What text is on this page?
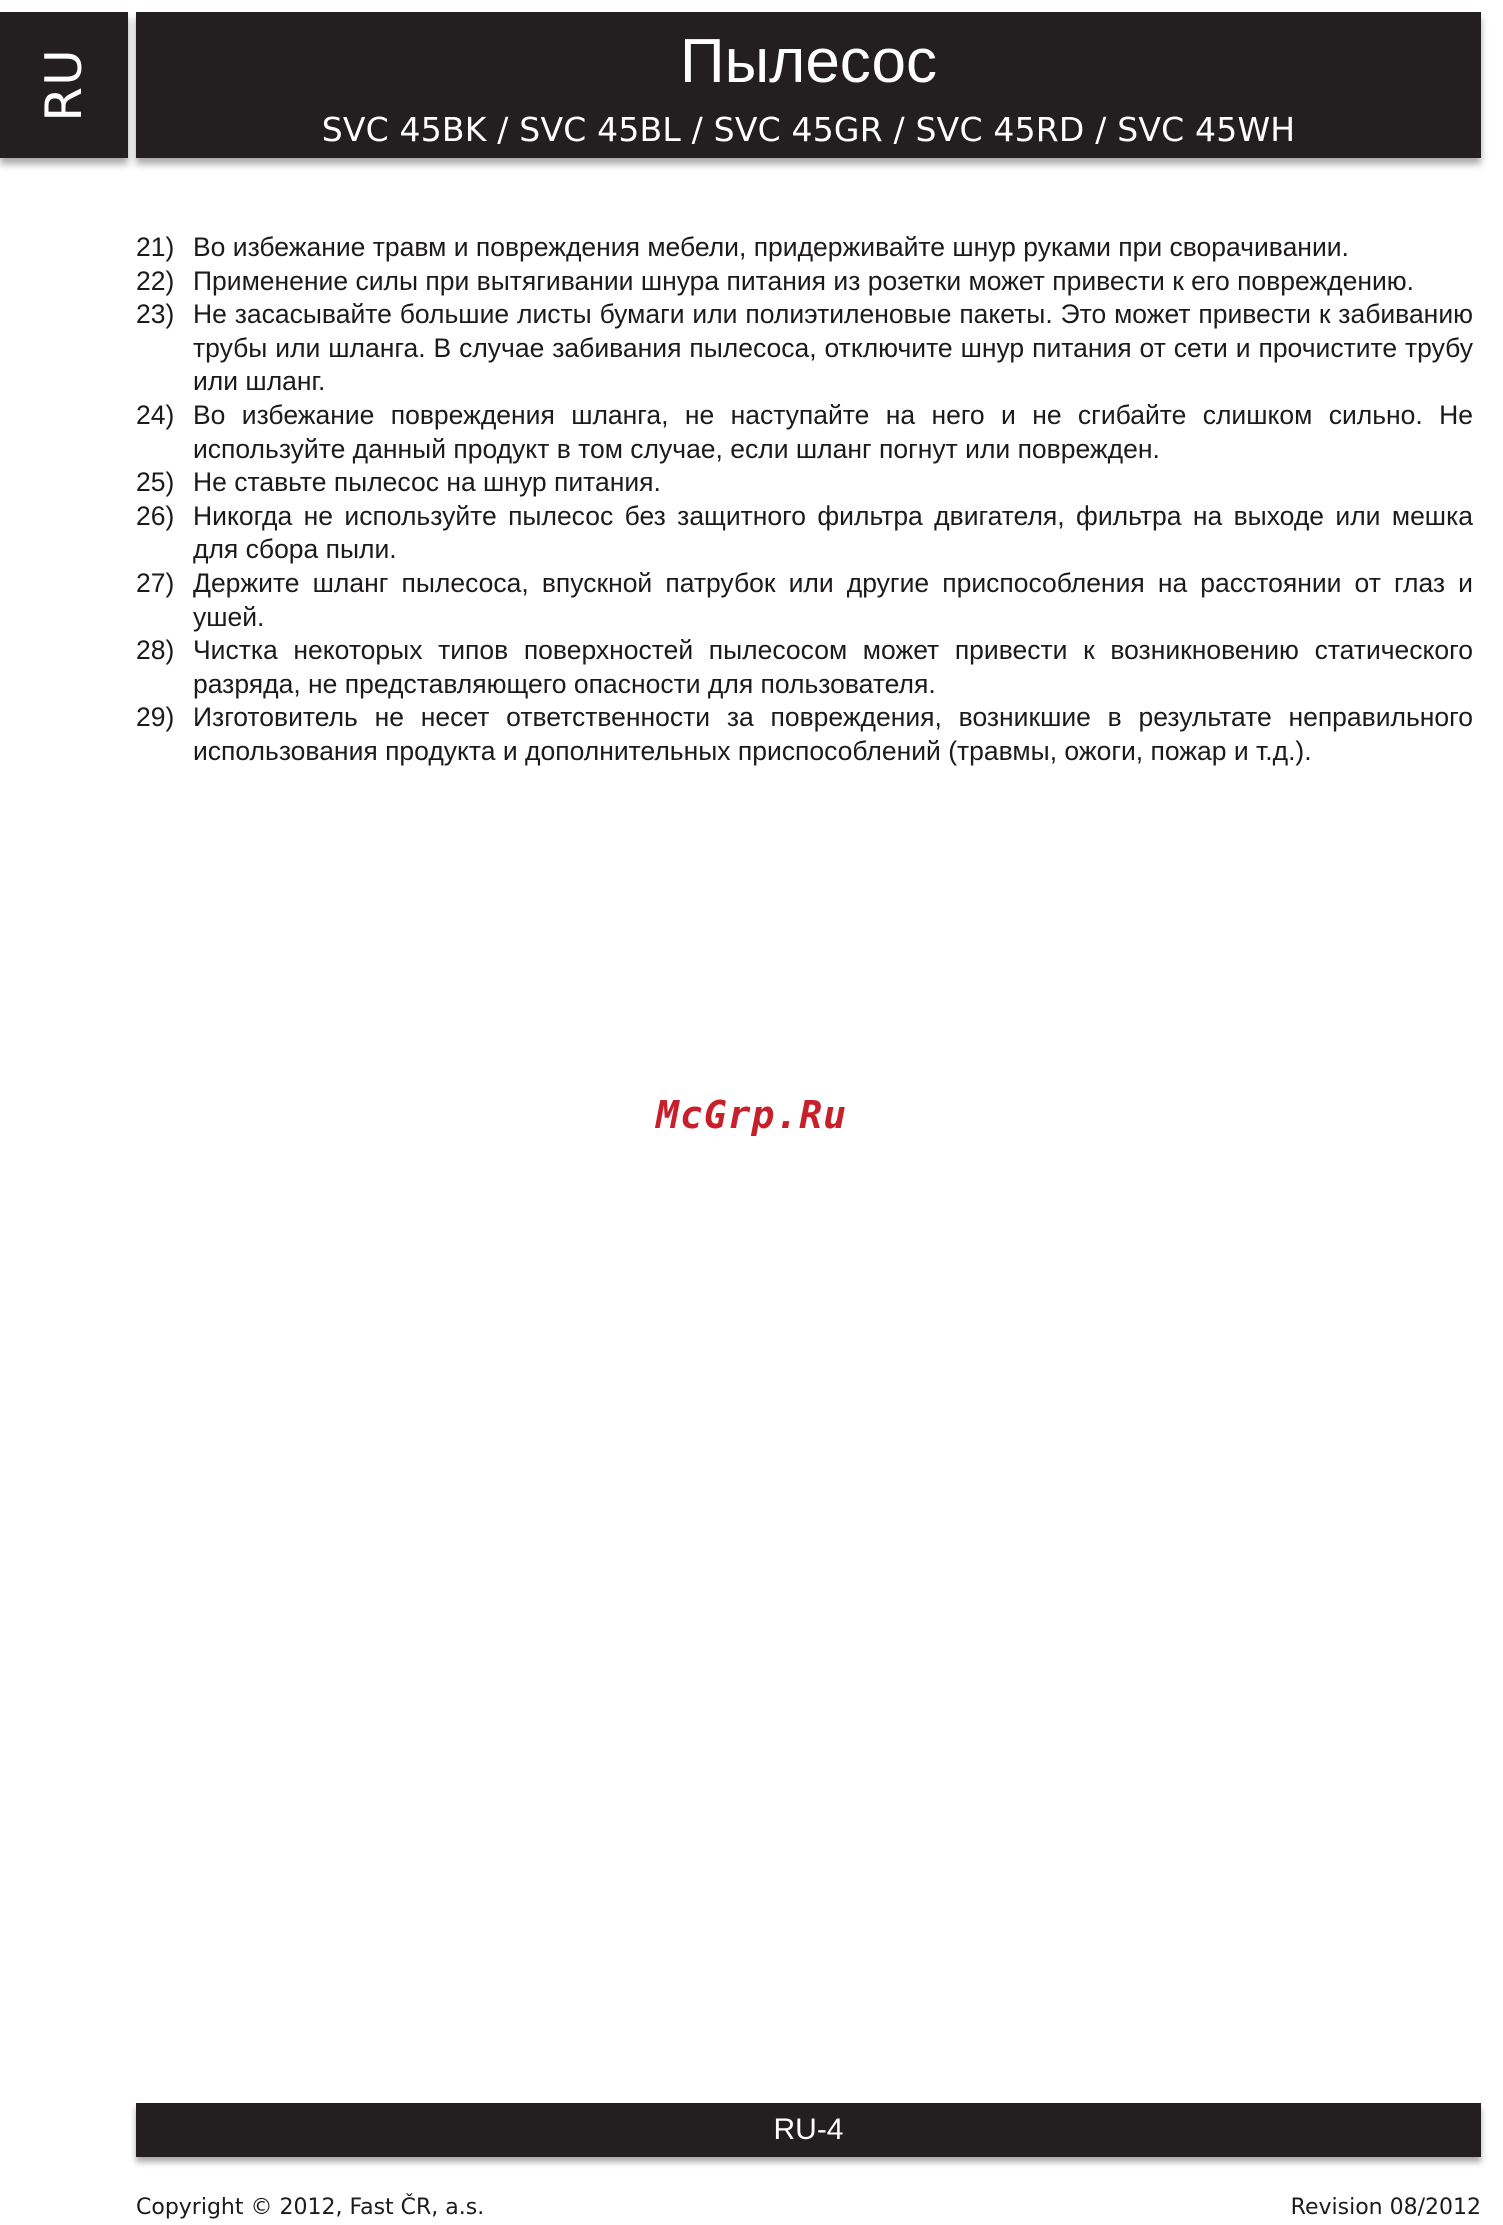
RU	Пылесос
SVC 45BK / SVC 45BL / SVC 45GR / SVC 45RD / SVC 45WH
21) Во избежание травм и повреждения мебели, придерживайте шнур руками при сворачивании.
22) Применение силы при вытягивании шнура питания из розетки может привести к его повреждению.
23) Не засасывайте большие листы бумаги или полиэтиленовые пакеты. Это может привести к забиванию трубы или шланга. В случае забивания пылесоса, отключите шнур питания от сети и прочистите трубу или шланг.
24) Во избежание повреждения шланга, не наступайте на него и не сгибайте слишком сильно. Не используйте данный продукт в том случае, если шланг погнут или поврежден.
25) Не ставьте пылесос на шнур питания.
26) Никогда не используйте пылесос без защитного фильтра двигателя, фильтра на выходе или мешка для сбора пыли.
27) Держите шланг пылесоса, впускной патрубок или другие приспособления на расстоянии от глаз и ушей.
28) Чистка некоторых типов поверхностей пылесосом может привести к возникновению статического разряда, не представляющего опасности для пользователя.
29) Изготовитель не несет ответственности за повреждения, возникшие в результате неправильного использования продукта и дополнительных приспособлений (травмы, ожоги, пожар и т.д.).
McGrp.Ru
RU-4
Copyright © 2012, Fast ČR, a.s.	Revision 08/2012
